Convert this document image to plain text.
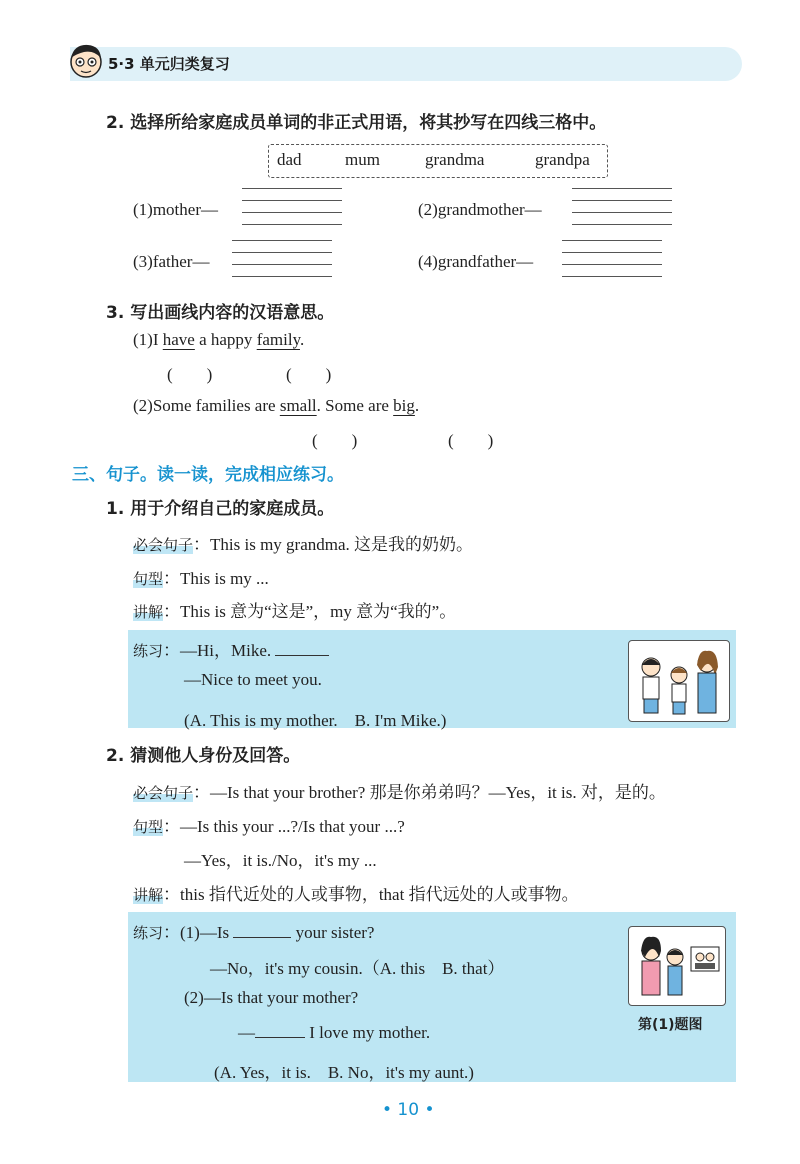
5·3 单元归类复习
2. 选择所给家庭成员单词的非正式用语，将其抄写在四线三格中。
dad	mum	grandma	grandpa
(1)mother—	(2)grandmother—
(3)father—	(4)grandfather—
3. 写出画线内容的汉语意思。
(1)I have a happy family.
(　　)	(　　)
(2)Some families are small. Some are big.
(　　)	(　　)
三、句子。读一读，完成相应练习。
1. 用于介绍自己的家庭成员。
必会句子：This is my grandma. 这是我的奶奶。
句型：This is my ...
讲解：This is 意为“这是”，my 意为“我的”。
练习：—Hi，Mike.
—Nice to meet you.
(A. This is my mother.　B. I'm Mike.)
2. 猜测他人身份及回答。
必会句子：—Is that your brother? 那是你弟弟吗？—Yes，it is. 对，是的。
句型：—Is this your ...?/Is that your ...?
—Yes，it is./No，it's my ...
讲解：this 指代近处的人或事物，that 指代远处的人或事物。
练习：(1)—Is	your sister?
—No，it's my cousin.（A. this　B. that）
(2)—Is that your mother?
—	I love my mother.
(A. Yes，it is.　B. No，it's my aunt.)
第(1)题图
• 10 •
